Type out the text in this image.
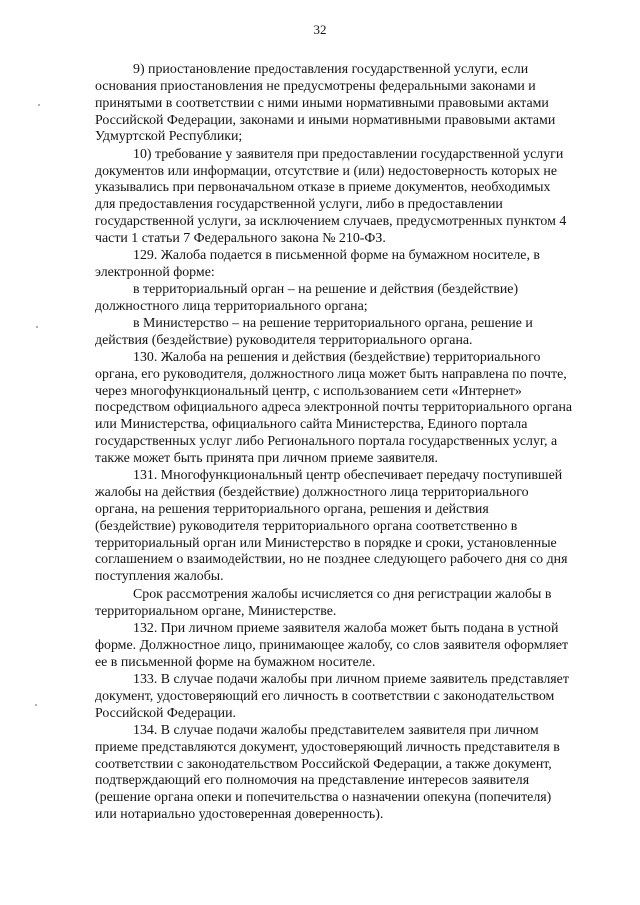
32

9) приостановление предоставления государственной услуги, если
основания приостановления не предусмотрены федеральными законами и
принятыми в соответствии с ними иными нормативными правовыми актами
Российской Федерации, законами и иными нормативными правовыми актами
Удмуртской Республики;

10) требование у заявителя при предоставлении государственной услуги
документов или информации, отсутствие и (или) недостоверность которых не
указывались при первоначальном отказе в приеме документов, необходимых
для предоставления государственной услуги, либо в предоставлении
государственной услуги, за исключением случаев, предусмотренных пунктом 4
части 1 статьи 7 Федерального закона № 210-ФЗ.

129. Жалоба подается в письменной форме на бумажном носителе, в
электронной форме:

в территориальный орган – на решение и действия (бездействие)
должностного лица территориального органа;

в Министерство – на решение территориального органа, решение и
действия (бездействие) руководителя территориального органа.

130. Жалоба на решения и действия (бездействие) территориального
органа, его руководителя, должностного лица может быть направлена по почте,
через многофункциональный центр, с использованием сети «Интернет»
посредством официального адреса электронной почты территориального органа
или Министерства, официального сайта Министерства, Единого портала
государственных услуг либо Регионального портала государственных услуг, а
также может быть принята при личном приеме заявителя.

131. Многофункциональный центр обеспечивает передачу поступившей
жалобы на действия (бездействие) должностного лица территориального
органа, на решения территориального органа, решения и действия
(бездействие) руководителя территориального органа соответственно в
территориальный орган или Министерство в порядке и сроки, установленные
соглашением о взаимодействии, но не позднее следующего рабочего дня со дня
поступления жалобы.

Срок рассмотрения жалобы исчисляется со дня регистрации жалобы в
территориальном органе, Министерстве.

132. При личном приеме заявителя жалоба может быть подана в устной
форме. Должностное лицо, принимающее жалобу, со слов заявителя оформляет
ее в письменной форме на бумажном носителе.

133. В случае подачи жалобы при личном приеме заявитель представляет
документ, удостоверяющий его личность в соответствии с законодательством
Российской Федерации.

134. В случае подачи жалобы представителем заявителя при личном
приеме представляются документ, удостоверяющий личность представителя в
соответствии с законодательством Российской Федерации, а также документ,
подтверждающий его полномочия на представление интересов заявителя
(решение органа опеки и попечительства о назначении опекуна (попечителя)
или нотариально удостоверенная доверенность).
